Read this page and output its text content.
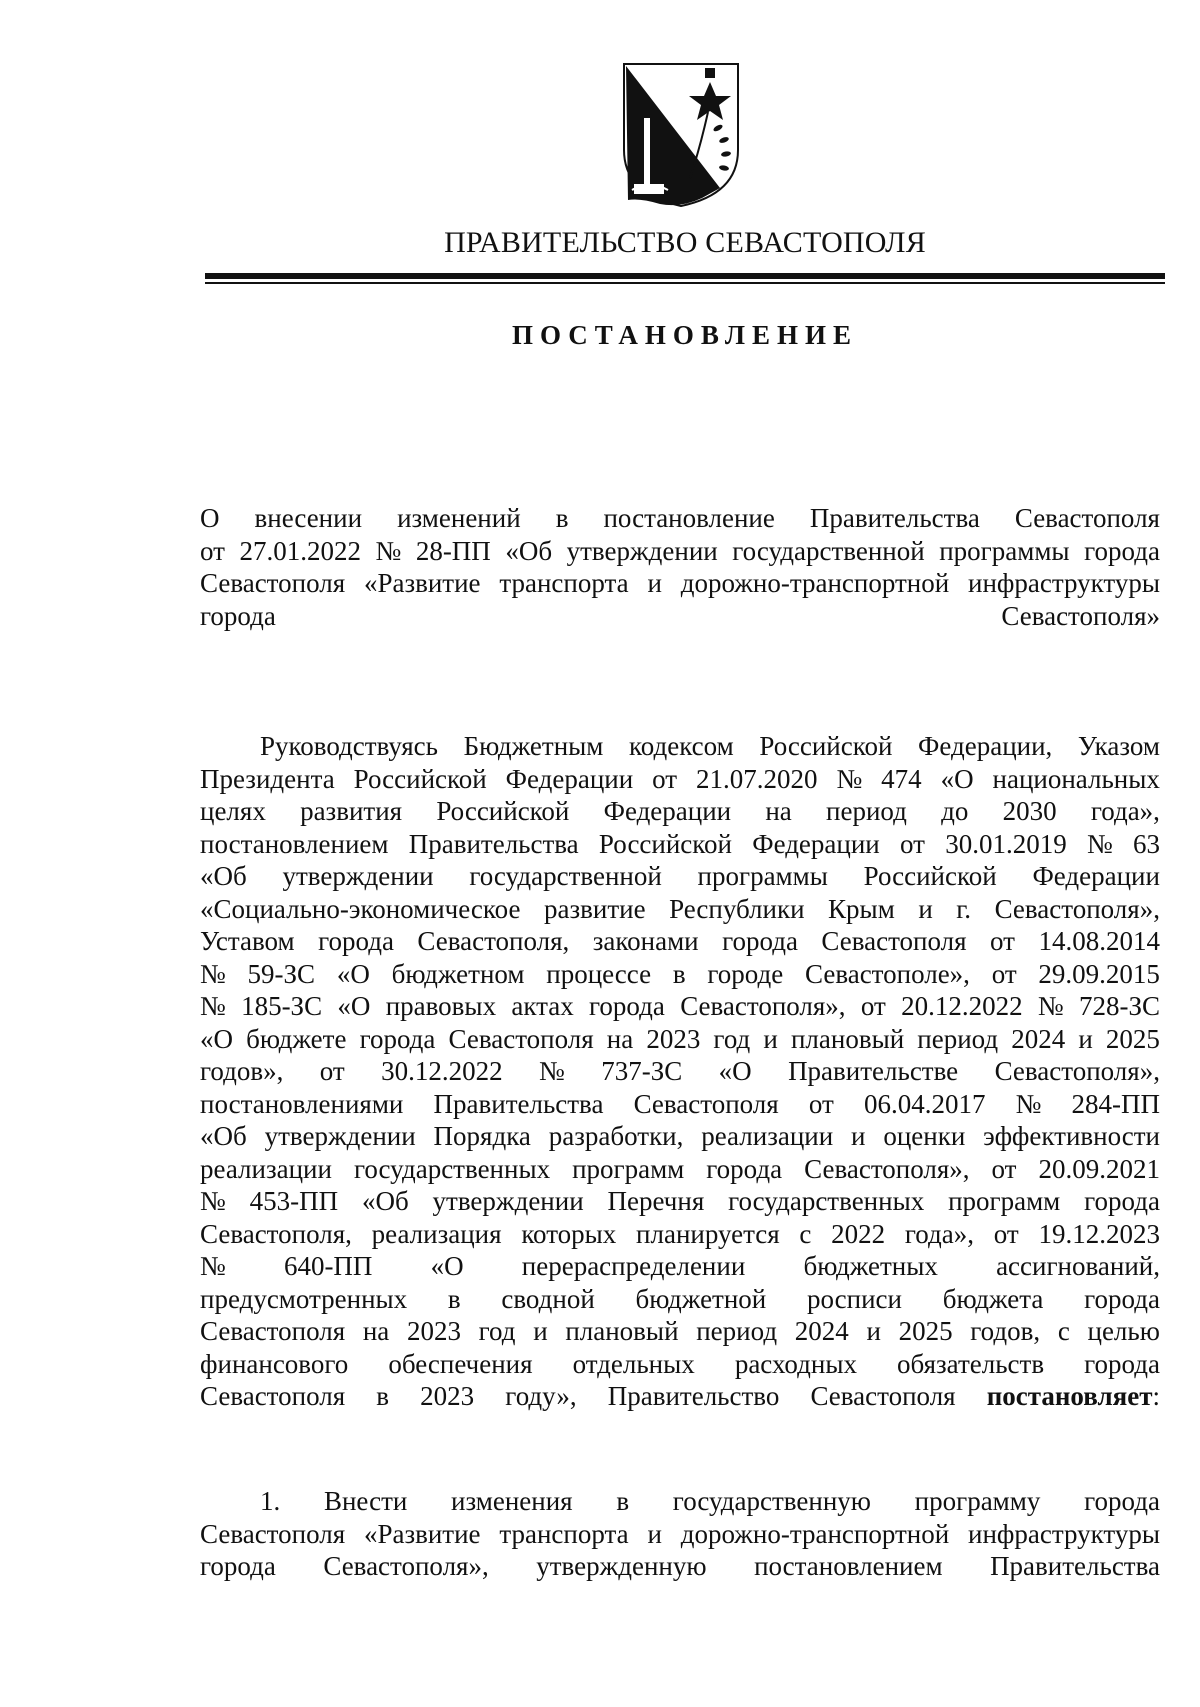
ПРАВИТЕЛЬСТВО СЕВАСТОПОЛЯ
ПОСТАНОВЛЕНИЕ
О внесении изменений в постановление Правительства Севастополя
от 27.01.2022 № 28-ПП «Об утверждении государственной программы города
Севастополя «Развитие транспорта и дорожно-транспортной инфраструктуры
города Севастополя»
Руководствуясь Бюджетным кодексом Российской Федерации, Указом
Президента Российской Федерации от 21.07.2020 № 474 «О национальных
целях развития Российской Федерации на период до 2030 года»,
постановлением Правительства Российской Федерации от 30.01.2019 № 63
«Об утверждении государственной программы Российской Федерации
«Социально-экономическое развитие Республики Крым и г. Севастополя»,
Уставом города Севастополя, законами города Севастополя от 14.08.2014
№ 59-ЗС «О бюджетном процессе в городе Севастополе», от 29.09.2015
№ 185-ЗС «О правовых актах города Севастополя», от 20.12.2022 № 728-ЗС
«О бюджете города Севастополя на 2023 год и плановый период 2024 и 2025
годов», от 30.12.2022 № 737-ЗС «О Правительстве Севастополя»,
постановлениями Правительства Севастополя от 06.04.2017 № 284-ПП
«Об утверждении Порядка разработки, реализации и оценки эффективности
реализации государственных программ города Севастополя», от 20.09.2021
№ 453-ПП «Об утверждении Перечня государственных программ города
Севастополя, реализация которых планируется с 2022 года», от 19.12.2023
№ 640-ПП «О перераспределении бюджетных ассигнований,
предусмотренных в сводной бюджетной росписи бюджета города
Севастополя на 2023 год и плановый период 2024 и 2025 годов, с целью
финансового обеспечения отдельных расходных обязательств города
Севастополя в 2023 году», Правительство Севастополя постановляет:
1. Внести изменения в государственную программу города
Севастополя «Развитие транспорта и дорожно-транспортной инфраструктуры
города Севастополя», утвержденную постановлением Правительства
